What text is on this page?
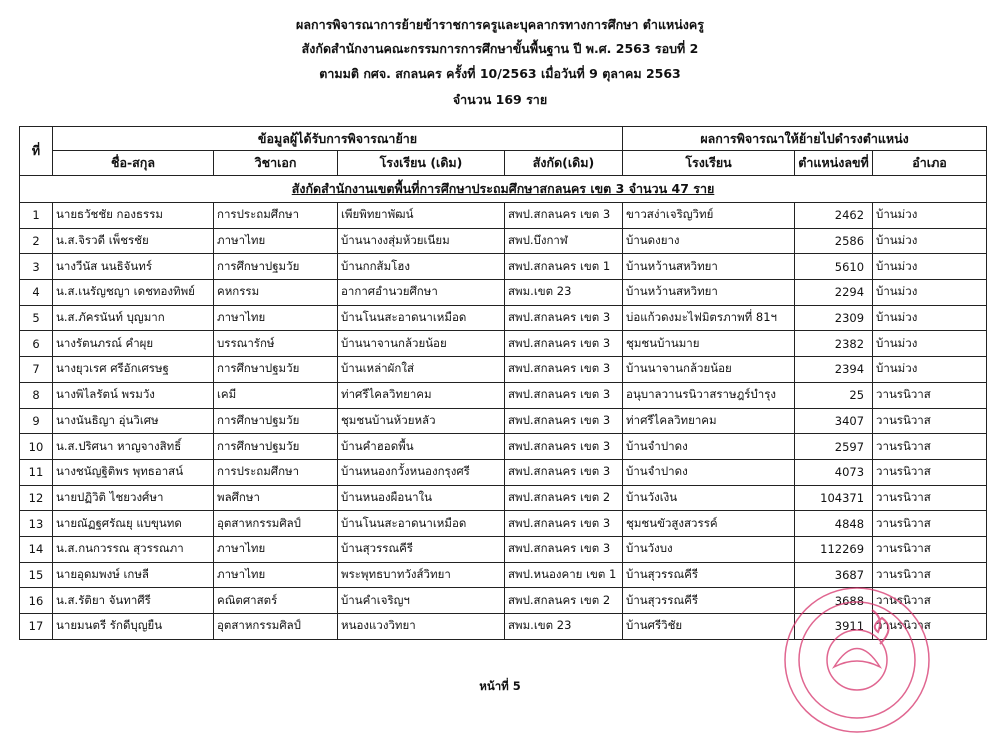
ผลการพิจารณาการย้ายข้าราชการครูและบุคลากรทางการศึกษา ตำแหน่งครู
สังกัดสำนักงานคณะกรรมการการศึกษาขั้นพื้นฐาน ปี พ.ศ. 2563 รอบที่ 2
ตามมติ กศจ. สกลนคร ครั้งที่ 10/2563 เมื่อวันที่ 9 ตุลาคม 2563
จำนวน 169 ราย
ที่	ข้อมูลผู้ได้รับการพิจารณาย้าย				ผลการพิจารณาให้ย้ายไปดำรงตำแหน่ง		
	ชื่อ-สกุล	วิชาเอก	โรงเรียน (เดิม)	สังกัด(เดิม)	โรงเรียน	ตำแหน่งลขที่	อำเภอ
สังกัดสำนักงานเขตพื้นที่การศึกษาประถมศึกษาสกลนคร เขต 3 จำนวน 47 ราย							
1	นายธวัชชัย กองธรรม	การประถมศึกษา	เพียพิทยาพัฒน์	สพป.สกลนคร เขต 3	ขาวสง่าเจริญวิทย์	2462	บ้านม่วง
2	น.ส.จิรวดี เพ็ชรชัย	ภาษาไทย	บ้านนางงสุ่มห้วยเนียม	สพป.บึงกาฬ	บ้านดงยาง	2586	บ้านม่วง
3	นางวีนัส นนธิจันทร์	การศึกษาปฐมวัย	บ้านกกส้มโฮง	สพป.สกลนคร เขต 1	บ้านหว้านสหวิทยา	5610	บ้านม่วง
4	น.ส.เนรัญชญา เดชทองทิพย์	คหกรรม	อากาศอำนวยศึกษา	สพม.เขต 23	บ้านหว้านสหวิทยา	2294	บ้านม่วง
5	น.ส.ภัครนันท์ บุญมาก	ภาษาไทย	บ้านโนนสะอาดนาเหมือด	สพป.สกลนคร เขต 3	บ่อแก้วดงมะไฟมิตรภาพที่ 81ฯ	2309	บ้านม่วง
6	นางรัตนภรณ์ คำผุย	บรรณารักษ์	บ้านนาจานกล้วยน้อย	สพป.สกลนคร เขต 3	ชุมชนบ้านมาย	2382	บ้านม่วง
7	นางยุวเรศ ศรีอักเศรษฐ	การศึกษาปฐมวัย	บ้านเหล่าผักใส่	สพป.สกลนคร เขต 3	บ้านนาจานกล้วยน้อย	2394	บ้านม่วง
8	นางพิไลรัตน์ พรมวัง	เคมี	ท่าศรีไคลวิทยาคม	สพป.สกลนคร เขต 3	อนุบาลวานรนิวาสราษฎร์บำรุง	25	วานรนิวาส
9	นางนันธิญา อุ่นวิเศษ	การศึกษาปฐมวัย	ชุมชนบ้านห้วยหลัว	สพป.สกลนคร เขต 3	ท่าศรีไคลวิทยาคม	3407	วานรนิวาส
10	น.ส.ปริศนา หาญจางสิทธิ์	การศึกษาปฐมวัย	บ้านคำฮอดพื้น	สพป.สกลนคร เขต 3	บ้านจำปาดง	2597	วานรนิวาส
11	นางชนัญฐิติพร พุทธอาสน์	การประถมศึกษา	บ้านหนองกวั้งหนองกรุงศรี	สพป.สกลนคร เขต 3	บ้านจำปาดง	4073	วานรนิวาส
12	นายปฏิวิติ ไชยวงศ์ษา	พลศึกษา	บ้านหนองผือนาใน	สพป.สกลนคร เขต 2	บ้านวังเงิน	104371	วานรนิวาส
13	นายณัฏฐศรัณยุ แบขุนทด	อุตสาหกรรมศิลป์	บ้านโนนสะอาดนาเหมือด	สพป.สกลนคร เขต 3	ชุมชนขัวสูงสวรรค์	4848	วานรนิวาส
14	น.ส.กนกวรรณ สุวรรณภา	ภาษาไทย	บ้านสุวรรณคีรี	สพป.สกลนคร เขต 3	บ้านวังบง	112269	วานรนิวาส
15	นายอุดมพงษ์ เกษลี	ภาษาไทย	พระพุทธบาทวังส์วิทยา	สพป.หนองคาย เขต 1	บ้านสุวรรณคีรี	3687	วานรนิวาส
16	น.ส.รัติยา จันทาศีรี	คณิตศาสตร์	บ้านคำเจริญฯ	สพป.สกลนคร เขต 2	บ้านสุวรรณคีรี	3688	วานรนิวาส
17	นายมนตรี รักดีบุญยืน	อุตสาหกรรมศิลป์	หนองแวงวิทยา	สพม.เขต 23	บ้านศรีวิชัย	3911	วานรนิวาส
หน้าที่ 5
